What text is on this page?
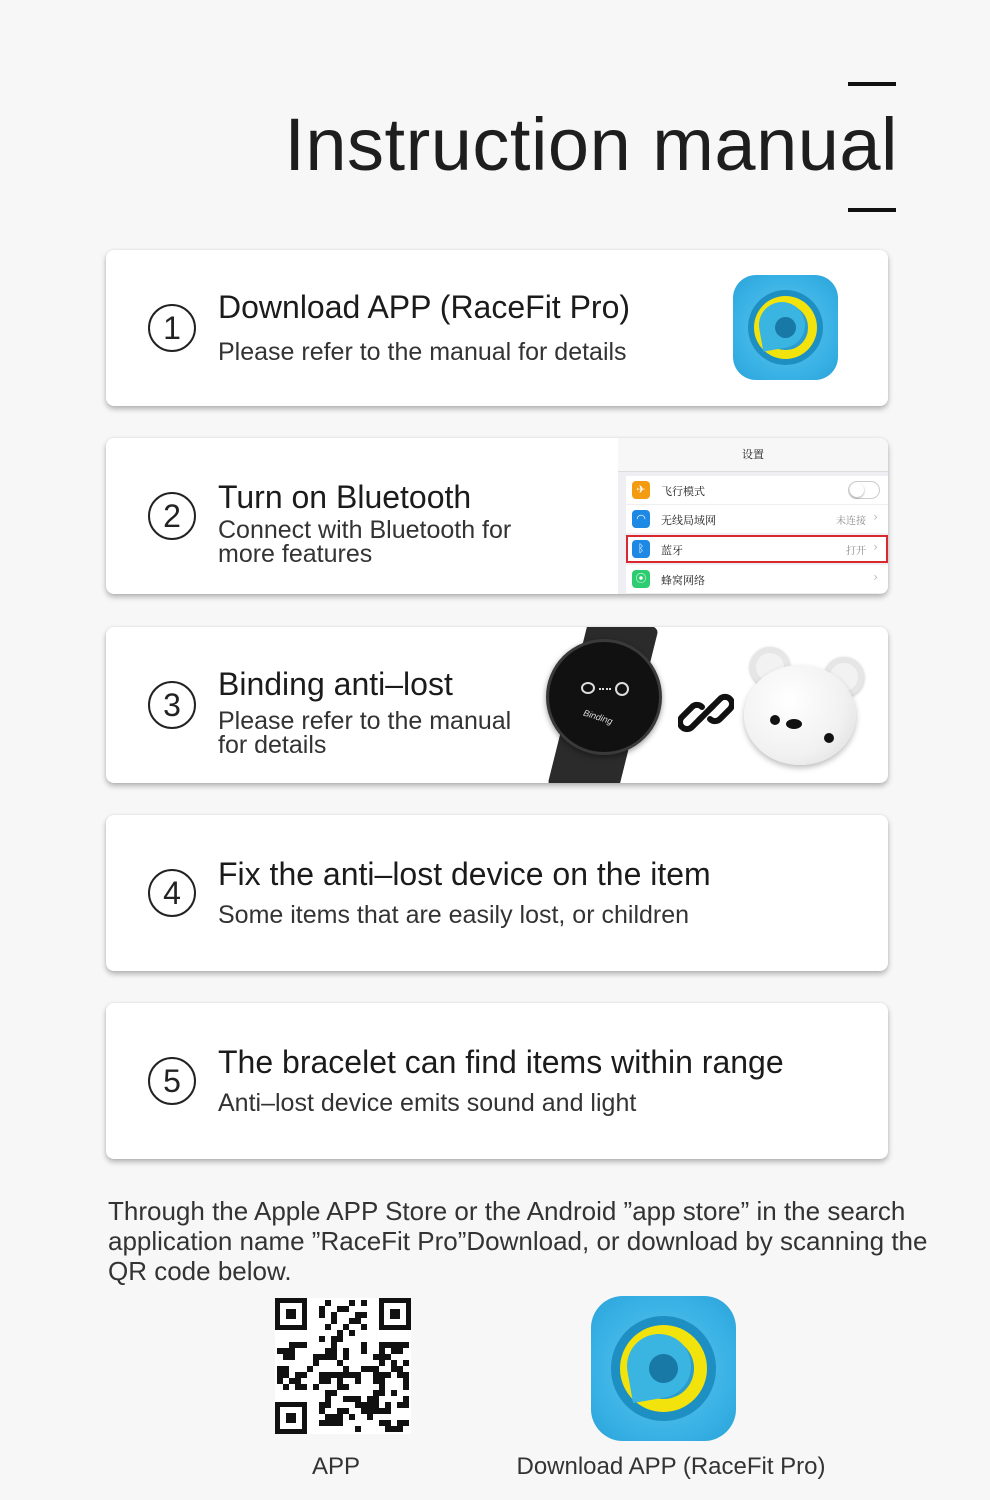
Instruction manual
1
Download APP (RaceFit Pro)
Please refer to the manual for details
2
Turn on Bluetooth
Connect with Bluetooth for
more features
设置
✈	飞行模式
◠	无线局域网	未连接 ›
ᛒ	蓝牙	打开 ›
⦿	蜂窝网络	›
3
Binding anti–lost
Please refer to the manual
for details
Binding
4
Fix the anti–lost device on the item
Some items that are easily lost, or children
5
The bracelet can find items within range
Anti–lost device emits sound and light
Through the Apple APP Store or the Android ”app store” in the search application name ”RaceFit Pro”Download, or download by scanning the QR code below.
APP	Download APP (RaceFit Pro)
